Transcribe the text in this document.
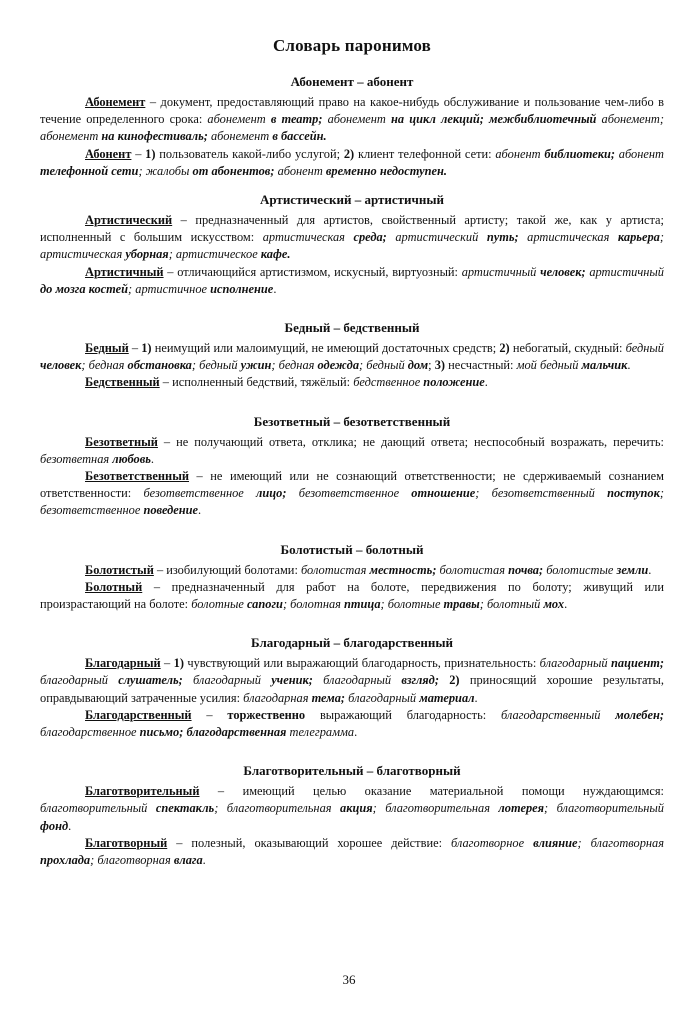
Словарь паронимов
Абонемент – абонент

Абонемент – документ, предоставляющий право на какое-нибудь обслуживание и пользование чем-либо в течение определенного срока: абонемент в театр; абонемент на цикл лекций; межбиблиотечный абонемент; абонемент на кинофестиваль; абонемент в бассейн.

Абонент – 1) пользователь какой-либо услугой; 2) клиент телефонной сети: абонент библиотеки; абонент телефонной сети; жалобы от абонентов; абонент временно недоступен.

Артистический – артистичный

Артистический – предназначенный для артистов, свойственный артисту; такой же, как у артиста; исполненный с большим искусством: артистическая среда; артистический путь; артистическая карьера; артистическая уборная; артистическое кафе.

Артистичный – отличающийся артистизмом, искусный, виртуозный: артистичный человек; артистичный до мозга костей; артистичное исполнение.

Бедный – бедственный

Бедный – 1) неимущий или малоимущий, не имеющий достаточных средств; 2) небогатый, скудный: бедный человек; бедная обстановка; бедный ужин; бедная одежда; бедный дом; 3) несчастный: мой бедный мальчик.

Бедственный – исполненный бедствий, тяжёлый: бедственное положение.

Безответный – безответственный

Безответный – не получающий ответа, отклика; не дающий ответа; неспособный возражать, перечить: безответная любовь.

Безответственный – не имеющий или не сознающий ответственности; не сдерживаемый сознанием ответственности: безответственное лицо; безответственное отношение; безответственный поступок; безответственное поведение.

Болотистый – болотный

Болотистый – изобилующий болотами: болотистая местность; болотистая почва; болотистые земли.

Болотный – предназначенный для работ на болоте, передвижения по болоту; живущий или произрастающий на болоте: болотные сапоги; болотная птица; болотные травы; болотный мох.

Благодарный – благодарственный

Благодарный – 1) чувствующий или выражающий благодарность, признательность: благодарный пациент; благодарный слушатель; благодарный ученик; благодарный взгляд; 2) приносящий хорошие результаты, оправдывающий затраченные усилия: благодарная тема; благодарный материал.

Благодарственный – торжественно выражающий благодарность: благодарственный молебен; благодарственное письмо; благодарственная телеграмма.

Благотворительный – благотворный

Благотворительный – имеющий целью оказание материальной помощи нуждающимся: благотворительный спектакль; благотворительная акция; благотворительная лотерея; благотворительный фонд.

Благотворный – полезный, оказывающий хорошее действие: благотворное влияние; благотворная прохлада; благотворная влага.

36
